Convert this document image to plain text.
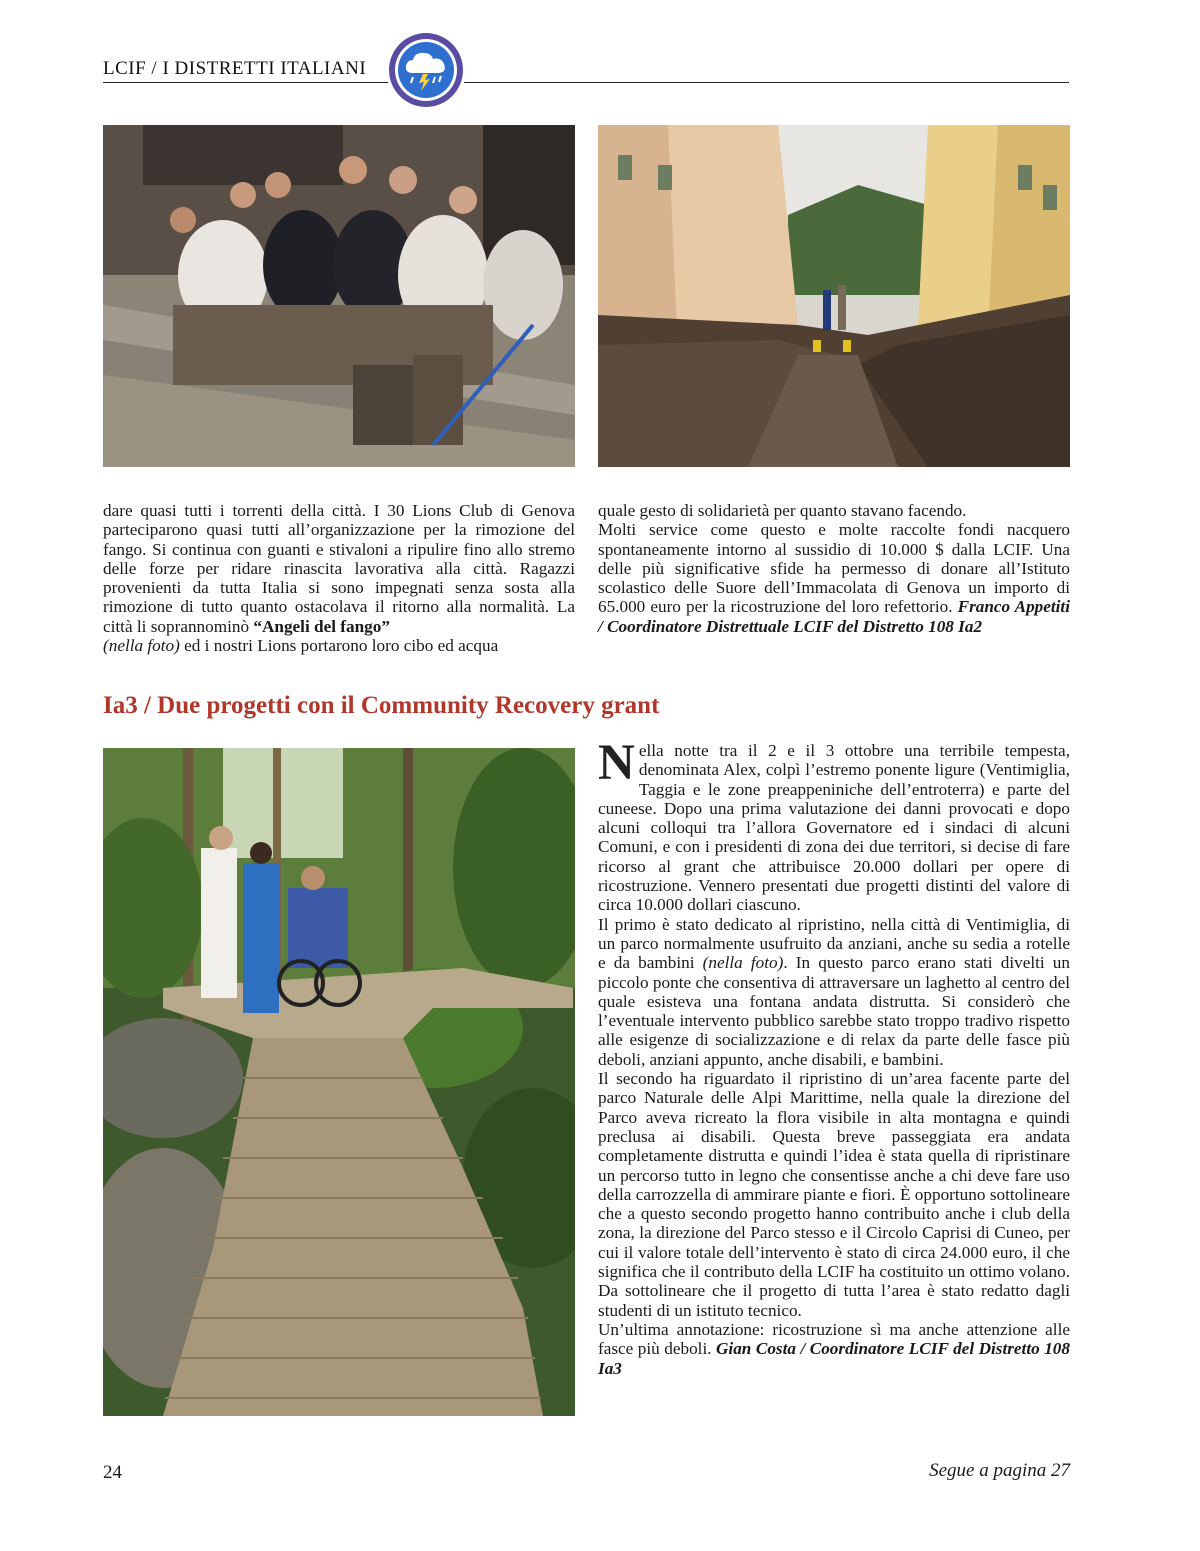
LCIF / I DISTRETTI ITALIANI

dare quasi tutti i torrenti della città. I 30 Lions Club di Genova parteciparono quasi tutti all’organizzazione per la rimozione del fango. Si continua con guanti e stivaloni a ripulire fino allo stremo delle forze per ridare rinascita lavorativa alla città. Ragazzi provenienti da tutta Italia si sono impegnati senza sosta alla rimozione di tutto quanto ostacolava il ritorno alla normalità. La città li soprannominò “Angeli del fango”
(nella foto) ed i nostri Lions portarono loro cibo ed acqua

quale gesto di solidarietà per quanto stavano facendo.

Molti service come questo e molte raccolte fondi nacquero spontaneamente intorno al sussidio di 10.000 $ dalla LCIF. Una delle più significative sfide ha permesso di donare all’Istituto scolastico delle Suore dell’Immacolata di Genova un importo di 65.000 euro per la ricostruzione del loro refettorio. Franco Appetiti / Coordinatore Distrettuale LCIF del Distretto 108 Ia2

Ia3 / Due progetti con il Community Recovery grant

Nella notte tra il 2 e il 3 ottobre una terribile tempesta, denominata Alex, colpì l’estremo ponente ligure (Ventimiglia, Taggia e le zone preappeniniche dell’entroterra) e parte del cuneese. Dopo una prima valutazione dei danni provocati e dopo alcuni colloqui tra l’allora Governatore ed i sindaci di alcuni Comuni, e con i presidenti di zona dei due territori, si decise di fare ricorso al grant che attribuisce 20.000 dollari per opere di ricostruzione. Vennero presentati due progetti distinti del valore di circa 10.000 dollari ciascuno.

Il primo è stato dedicato al ripristino, nella città di Ventimiglia, di un parco normalmente usufruito da anziani, anche su sedia a rotelle e da bambini (nella foto). In questo parco erano stati divelti un piccolo ponte che consentiva di attraversare un laghetto al centro del quale esisteva una fontana andata distrutta. Si considerò che l’eventuale intervento pubblico sarebbe stato troppo tradivo rispetto alle esigenze di socializzazione e di relax da parte delle fasce più deboli, anziani appunto, anche disabili, e bambini.

Il secondo ha riguardato il ripristino di un’area facente parte del parco Naturale delle Alpi Marittime, nella quale la direzione del Parco aveva ricreato la flora visibile in alta montagna e quindi preclusa ai disabili. Questa breve passeggiata era andata completamente distrutta e quindi l’idea è stata quella di ripristinare un percorso tutto in legno che consentisse anche a chi deve fare uso della carrozzella di ammirare piante e fiori. È opportuno sottolineare che a questo secondo progetto hanno contribuito anche i club della zona, la direzione del Parco stesso e il Circolo Caprisi di Cuneo, per cui il valore totale dell’intervento è stato di circa 24.000 euro, il che significa che il contributo della LCIF ha costituito un ottimo volano. Da sottolineare che il progetto di tutta l’area è stato redatto dagli studenti di un istituto tecnico.

Un’ultima annotazione: ricostruzione sì ma anche attenzione alle fasce più deboli. Gian Costa / Coordinatore LCIF del Distretto 108 Ia3

24	Segue a pagina 27
